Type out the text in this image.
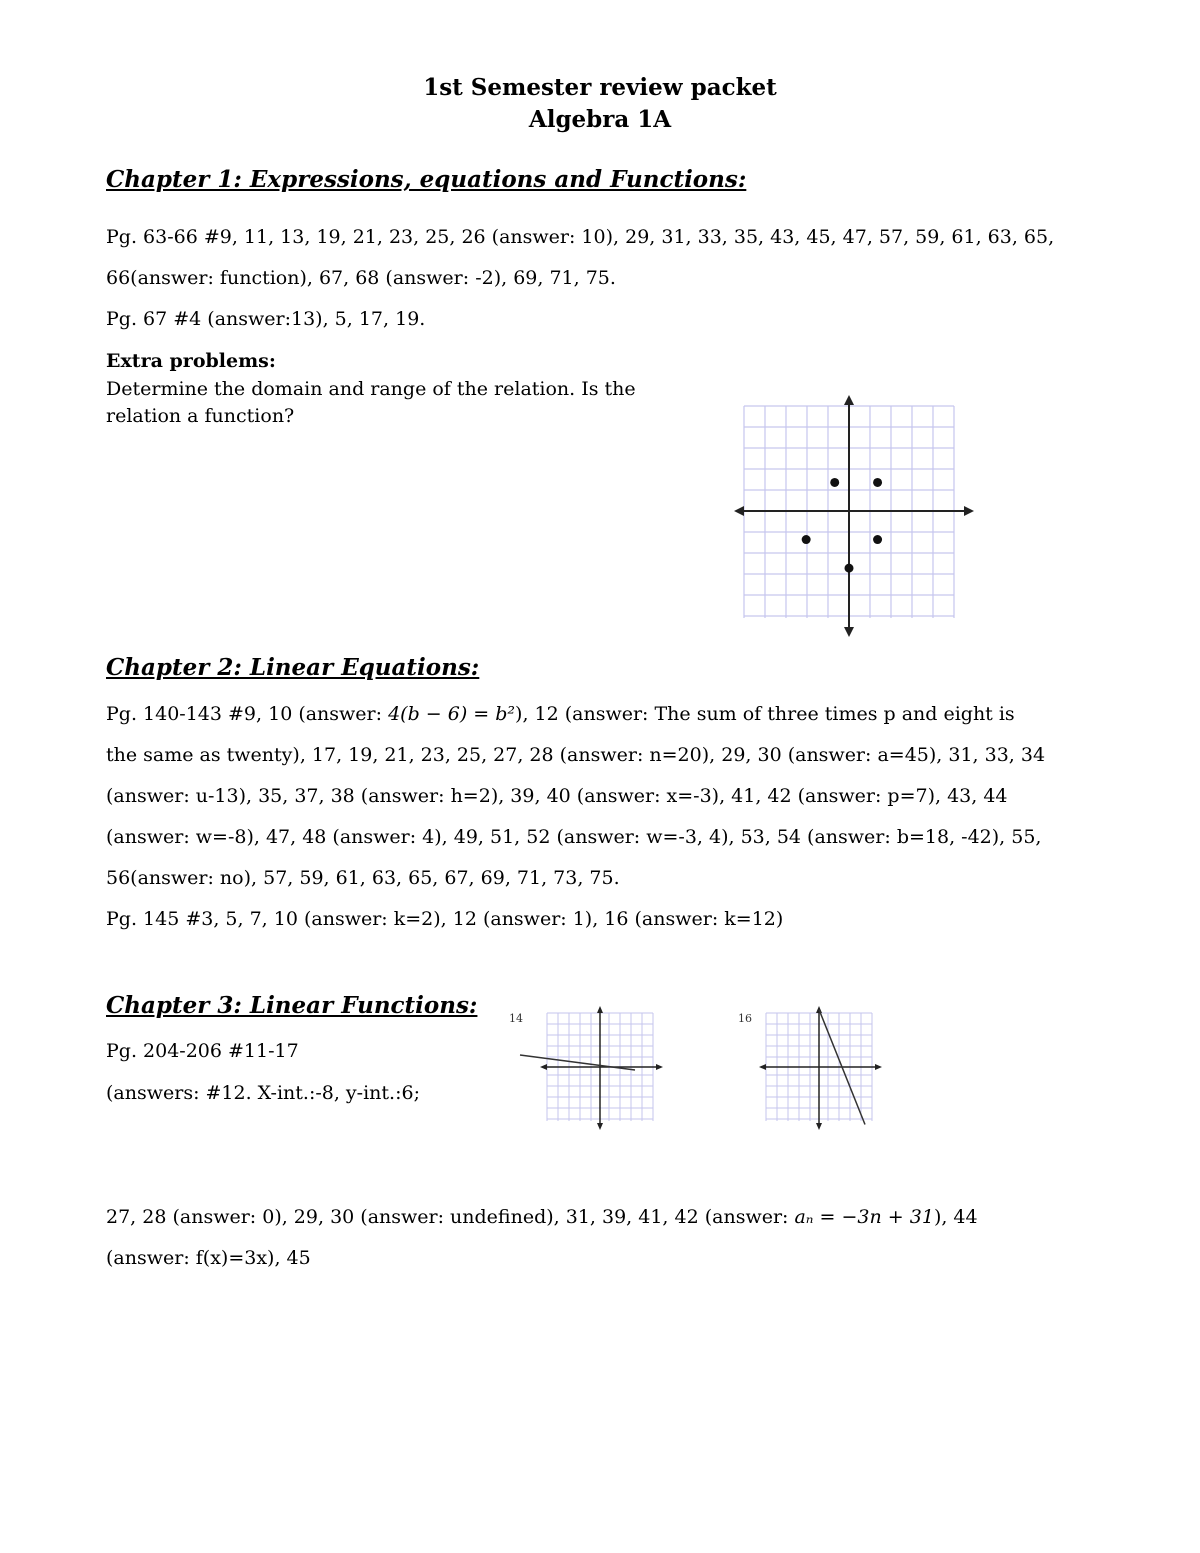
1st Semester review packet
Algebra 1A
Chapter 1: Expressions, equations and Functions:
Pg. 63-66 #9, 11, 13, 19, 21, 23, 25, 26 (answer: 10), 29, 31, 33, 35, 43, 45, 47, 57, 59, 61, 63, 65,
66(answer: function), 67, 68 (answer: -2), 69, 71, 75.
Pg. 67 #4 (answer:13), 5, 17, 19.
Extra problems:
Determine the domain and range of the relation. Is the
relation a function?
Chapter 2: Linear Equations:
Pg. 140-143 #9, 10 (answer: 4(b − 6) = b²), 12 (answer: The sum of three times p and eight is
the same as twenty), 17, 19, 21, 23, 25, 27, 28 (answer: n=20), 29, 30 (answer: a=45), 31, 33, 34
(answer: u-13), 35, 37, 38 (answer: h=2), 39, 40 (answer: x=-3), 41, 42 (answer: p=7), 43, 44
(answer: w=-8), 47, 48 (answer: 4), 49, 51, 52 (answer: w=-3, 4), 53, 54 (answer: b=18, -42), 55,
56(answer: no), 57, 59, 61, 63, 65, 67, 69, 71, 73, 75.
Pg. 145 #3, 5, 7, 10 (answer: k=2), 12 (answer: 1), 16 (answer: k=12)
Chapter 3: Linear Functions:
Pg. 204-206 #11-17
(answers: #12. X-int.:-8, y-int.:6;
14	16
27, 28 (answer: 0), 29, 30 (answer: undefined), 31, 39, 41, 42 (answer: aₙ = −3n + 31), 44
(answer: f(x)=3x), 45
